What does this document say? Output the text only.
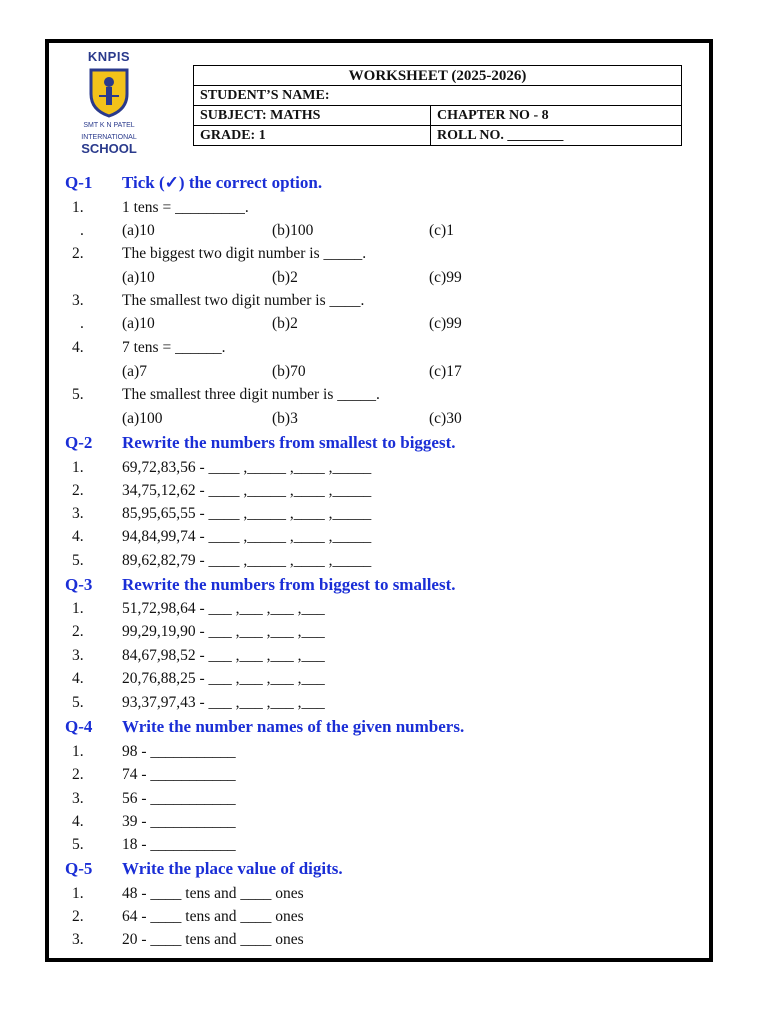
KNPIS
SMT K N PATEL
INTERNATIONAL
SCHOOL
WORKSHEET (2025-2026)	
STUDENT’S NAME:	
SUBJECT: MATHS	CHAPTER NO - 8
GRADE: 1	ROLL NO. ________
Q-1 Tick (✓) the correct option.
1.	1 tens = _________.
. (a)10	(b)100	(c)1
2.	The biggest two digit number is _____.
(a)10	(b)2	(c)99
3.	The smallest two digit number is ____.
. (a)10	(b)2	(c)99
4.	7 tens = ______.
(a)7	(b)70	(c)17
5.	The smallest three digit number is _____.
(a)100	(b)3	(c)30
Q-2 Rewrite the numbers from smallest to biggest.
1.	69,72,83,56 - ____ ,_____ ,____ ,_____
2.	34,75,12,62 - ____ ,_____ ,____ ,_____
3.	85,95,65,55 - ____ ,_____ ,____ ,_____
4.	94,84,99,74 - ____ ,_____ ,____ ,_____
5.	89,62,82,79 - ____ ,_____ ,____ ,_____
Q-3 Rewrite the numbers from biggest to smallest.
1.	51,72,98,64 - ___ ,___ ,___ ,___
2.	99,29,19,90 - ___ ,___ ,___ ,___
3.	84,67,98,52 - ___ ,___ ,___ ,___
4.	20,76,88,25 - ___ ,___ ,___ ,___
5.	93,37,97,43 - ___ ,___ ,___ ,___
Q-4 Write the number names of the given numbers.
1.	98 - ___________
2.	74 - ___________
3.	56 - ___________
4.	39 - ___________
5.	18 - ___________
Q-5 Write the place value of digits.
1.	48 - ____ tens and ____ ones
2.	64 - ____ tens and ____ ones
3.	20 - ____ tens and ____ ones
